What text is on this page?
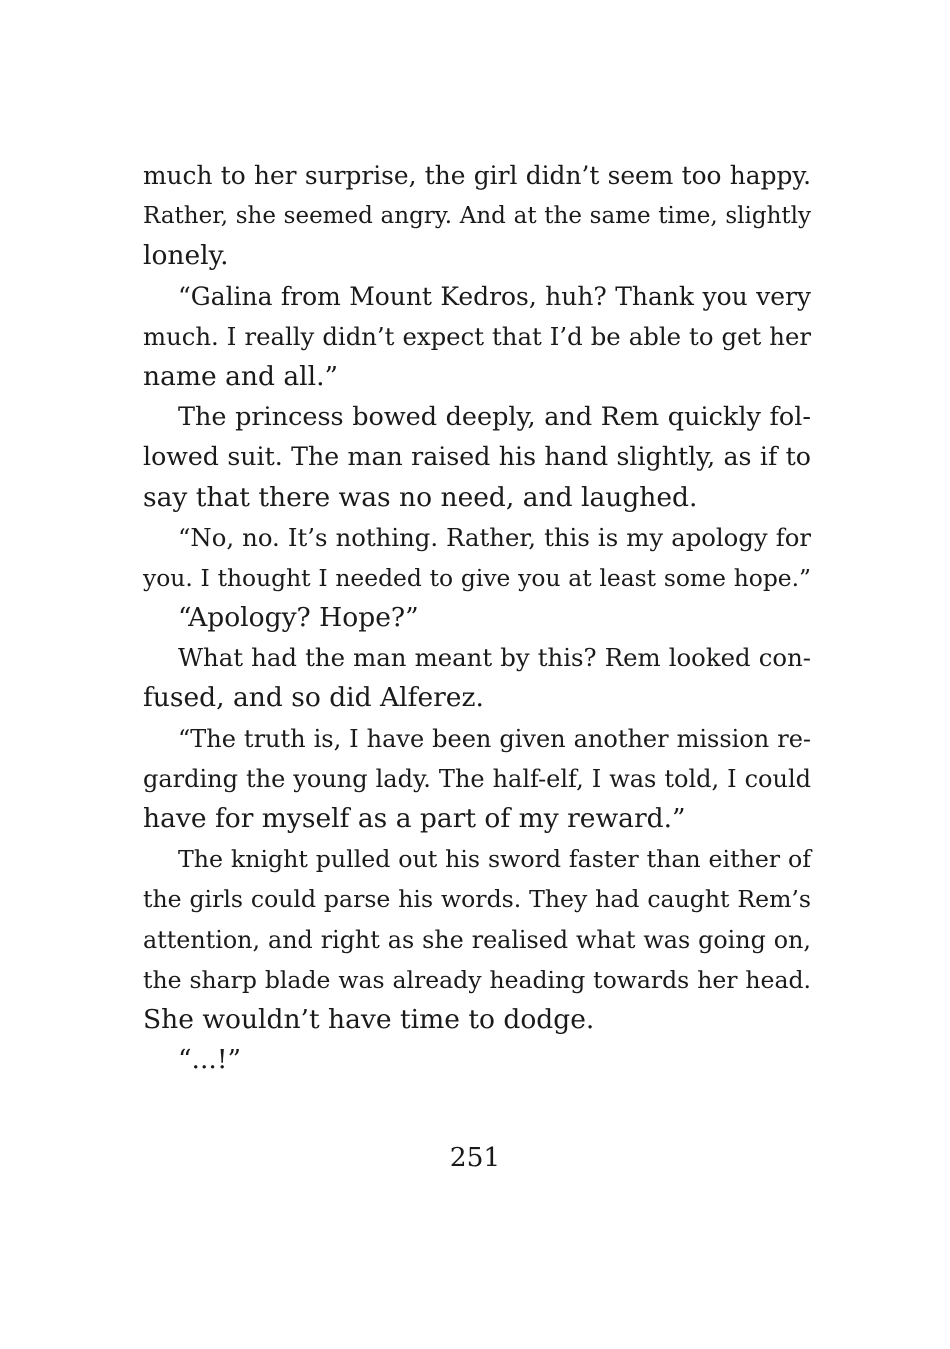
much to her surprise, the girl didn’t seem too happy.
Rather, she seemed angry. And at the same time, slightly
lonely.
“Galina from Mount Kedros, huh? Thank you very
much. I really didn’t expect that I’d be able to get her
name and all.”
The princess bowed deeply, and Rem quickly fol-
lowed suit. The man raised his hand slightly, as if to
say that there was no need, and laughed.
“No, no. It’s nothing. Rather, this is my apology for
you. I thought I needed to give you at least some hope.”
“Apology? Hope?”
What had the man meant by this? Rem looked con-
fused, and so did Alferez.
“The truth is, I have been given another mission re-
garding the young lady. The half-elf, I was told, I could
have for myself as a part of my reward.”
The knight pulled out his sword faster than either of
the girls could parse his words. They had caught Rem’s
attention, and right as she realised what was going on,
the sharp blade was already heading towards her head.
She wouldn’t have time to dodge.
“...!”
251
